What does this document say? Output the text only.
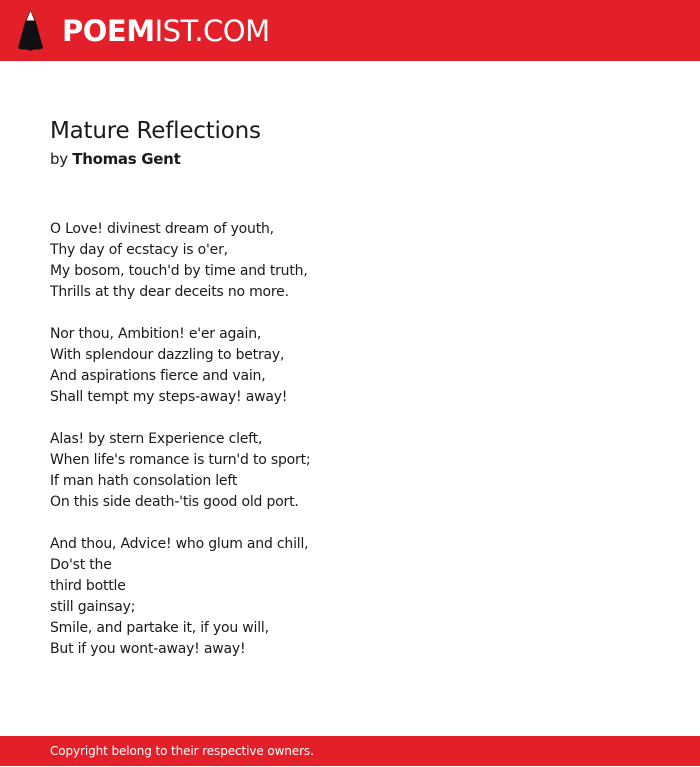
POEMIST.COM
Mature Reflections
by Thomas Gent
O Love! divinest dream of youth,
Thy day of ecstacy is o'er,
My bosom, touch'd by time and truth,
Thrills at thy dear deceits no more.
Nor thou, Ambition! e'er again,
With splendour dazzling to betray,
And aspirations fierce and vain,
Shall tempt my steps-away! away!
Alas! by stern Experience cleft,
When life's romance is turn'd to sport;
If man hath consolation left
On this side death-'tis good old port.
And thou, Advice! who glum and chill,
Do'st the
third bottle
still gainsay;
Smile, and partake it, if you will,
But if you wont-away! away!
Copyright belong to their respective owners.
